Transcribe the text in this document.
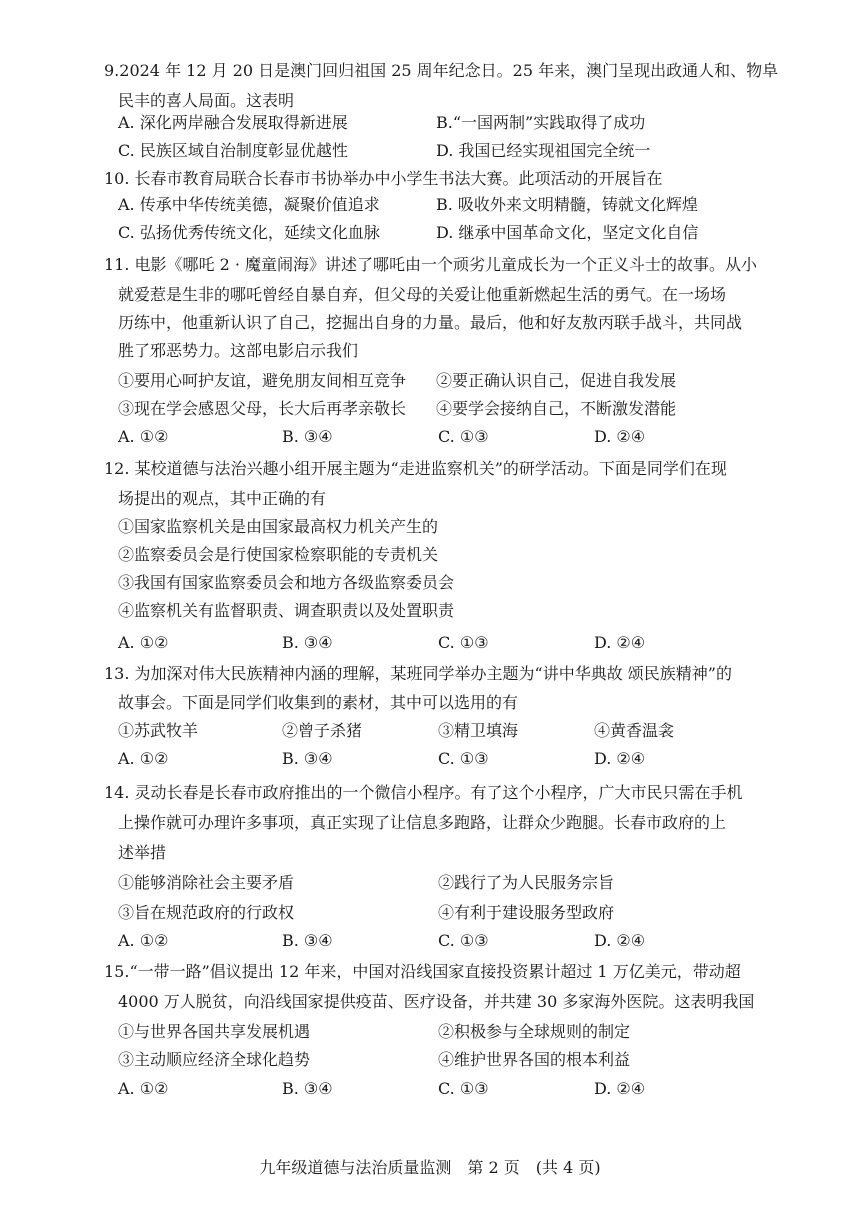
9.2024 年 12 月 20 日是澳门回归祖国 25 周年纪念日。25 年来，澳门呈现出政通人和、物阜
民丰的喜人局面。这表明
A. 深化两岸融合发展取得新进展	B.“一国两制”实践取得了成功
C. 民族区域自治制度彰显优越性	D. 我国已经实现祖国完全统一
10. 长春市教育局联合长春市书协举办中小学生书法大赛。此项活动的开展旨在
A. 传承中华传统美德，凝聚价值追求	B. 吸收外来文明精髓，铸就文化辉煌
C. 弘扬优秀传统文化，延续文化血脉	D. 继承中国革命文化，坚定文化自信
11. 电影《哪吒 2 · 魔童闹海》讲述了哪吒由一个顽劣儿童成长为一个正义斗士的故事。从小
就爱惹是生非的哪吒曾经自暴自弃，但父母的关爱让他重新燃起生活的勇气。在一场场
历练中，他重新认识了自己，挖掘出自身的力量。最后，他和好友敖丙联手战斗，共同战
胜了邪恶势力。这部电影启示我们
①要用心呵护友谊，避免朋友间相互竞争 ②要正确认识自己，促进自我发展
③现在学会感恩父母，长大后再孝亲敬长 ④要学会接纳自己，不断激发潜能
A. ①②	B. ③④	C. ①③	D. ②④
12. 某校道德与法治兴趣小组开展主题为“走进监察机关”的研学活动。下面是同学们在现
场提出的观点，其中正确的有
①国家监察机关是由国家最高权力机关产生的
②监察委员会是行使国家检察职能的专责机关
③我国有国家监察委员会和地方各级监察委员会
④监察机关有监督职责、调查职责以及处置职责
A. ①②	B. ③④	C. ①③	D. ②④
13. 为加深对伟大民族精神内涵的理解，某班同学举办主题为“讲中华典故 颂民族精神”的
故事会。下面是同学们收集到的素材，其中可以选用的有
①苏武牧羊	②曾子杀猪	③精卫填海	④黄香温衾
A. ①②	B. ③④	C. ①③	D. ②④
14. 灵动长春是长春市政府推出的一个微信小程序。有了这个小程序，广大市民只需在手机
上操作就可办理许多事项，真正实现了让信息多跑路，让群众少跑腿。长春市政府的上
述举措
①能够消除社会主要矛盾	②践行了为人民服务宗旨
③旨在规范政府的行政权	④有利于建设服务型政府
A. ①②	B. ③④	C. ①③	D. ②④
15.“一带一路”倡议提出 12 年来，中国对沿线国家直接投资累计超过 1 万亿美元，带动超
4000 万人脱贫，向沿线国家提供疫苗、医疗设备，并共建 30 多家海外医院。这表明我国
①与世界各国共享发展机遇	②积极参与全球规则的制定
③主动顺应经济全球化趋势	④维护世界各国的根本利益
A. ①②	B. ③④	C. ①③	D. ②④
九年级道德与法治质量监测　第 2 页　(共 4 页)
